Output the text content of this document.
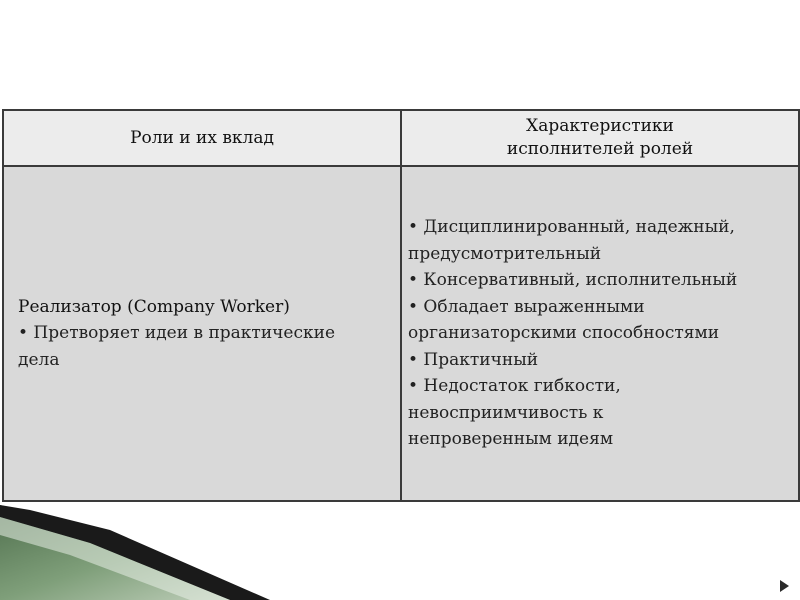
Роли и их вклад
Характеристики
исполнителей ролей
Реализатор (Company Worker)
• Претворяет идеи в практические
дела
• Дисциплинированный, надежный,
предусмотрительный
• Консервативный, исполнительный
• Обладает выраженными
организаторскими способностями
• Практичный
• Недостаток гибкости,
невосприимчивость к
непроверенным идеям
